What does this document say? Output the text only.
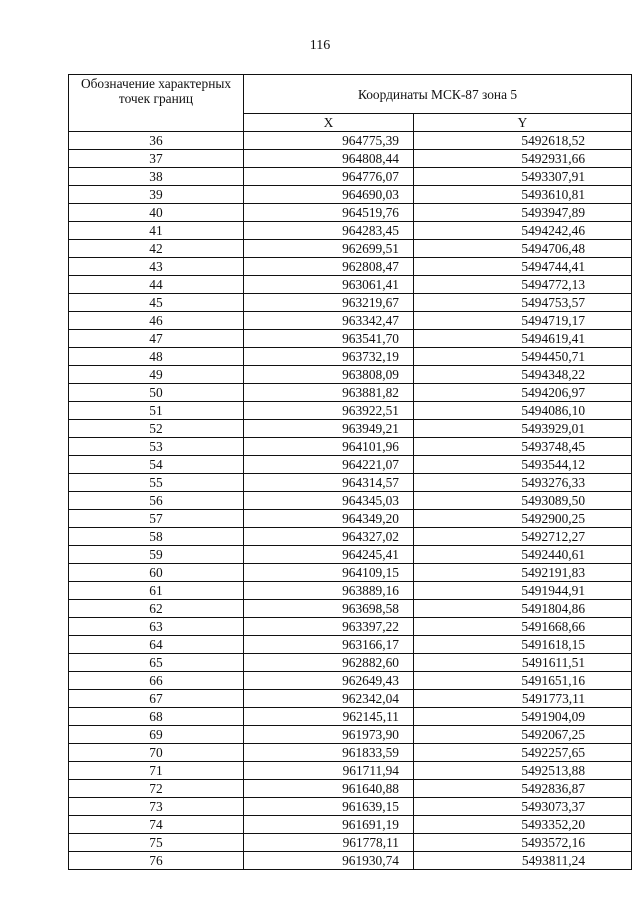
116
Обозначение характерных точек границ	Координаты МСК-87 зона 5	
	X	Y
36	964775,39	5492618,52
37	964808,44	5492931,66
38	964776,07	5493307,91
39	964690,03	5493610,81
40	964519,76	5493947,89
41	964283,45	5494242,46
42	962699,51	5494706,48
43	962808,47	5494744,41
44	963061,41	5494772,13
45	963219,67	5494753,57
46	963342,47	5494719,17
47	963541,70	5494619,41
48	963732,19	5494450,71
49	963808,09	5494348,22
50	963881,82	5494206,97
51	963922,51	5494086,10
52	963949,21	5493929,01
53	964101,96	5493748,45
54	964221,07	5493544,12
55	964314,57	5493276,33
56	964345,03	5493089,50
57	964349,20	5492900,25
58	964327,02	5492712,27
59	964245,41	5492440,61
60	964109,15	5492191,83
61	963889,16	5491944,91
62	963698,58	5491804,86
63	963397,22	5491668,66
64	963166,17	5491618,15
65	962882,60	5491611,51
66	962649,43	5491651,16
67	962342,04	5491773,11
68	962145,11	5491904,09
69	961973,90	5492067,25
70	961833,59	5492257,65
71	961711,94	5492513,88
72	961640,88	5492836,87
73	961639,15	5493073,37
74	961691,19	5493352,20
75	961778,11	5493572,16
76	961930,74	5493811,24
